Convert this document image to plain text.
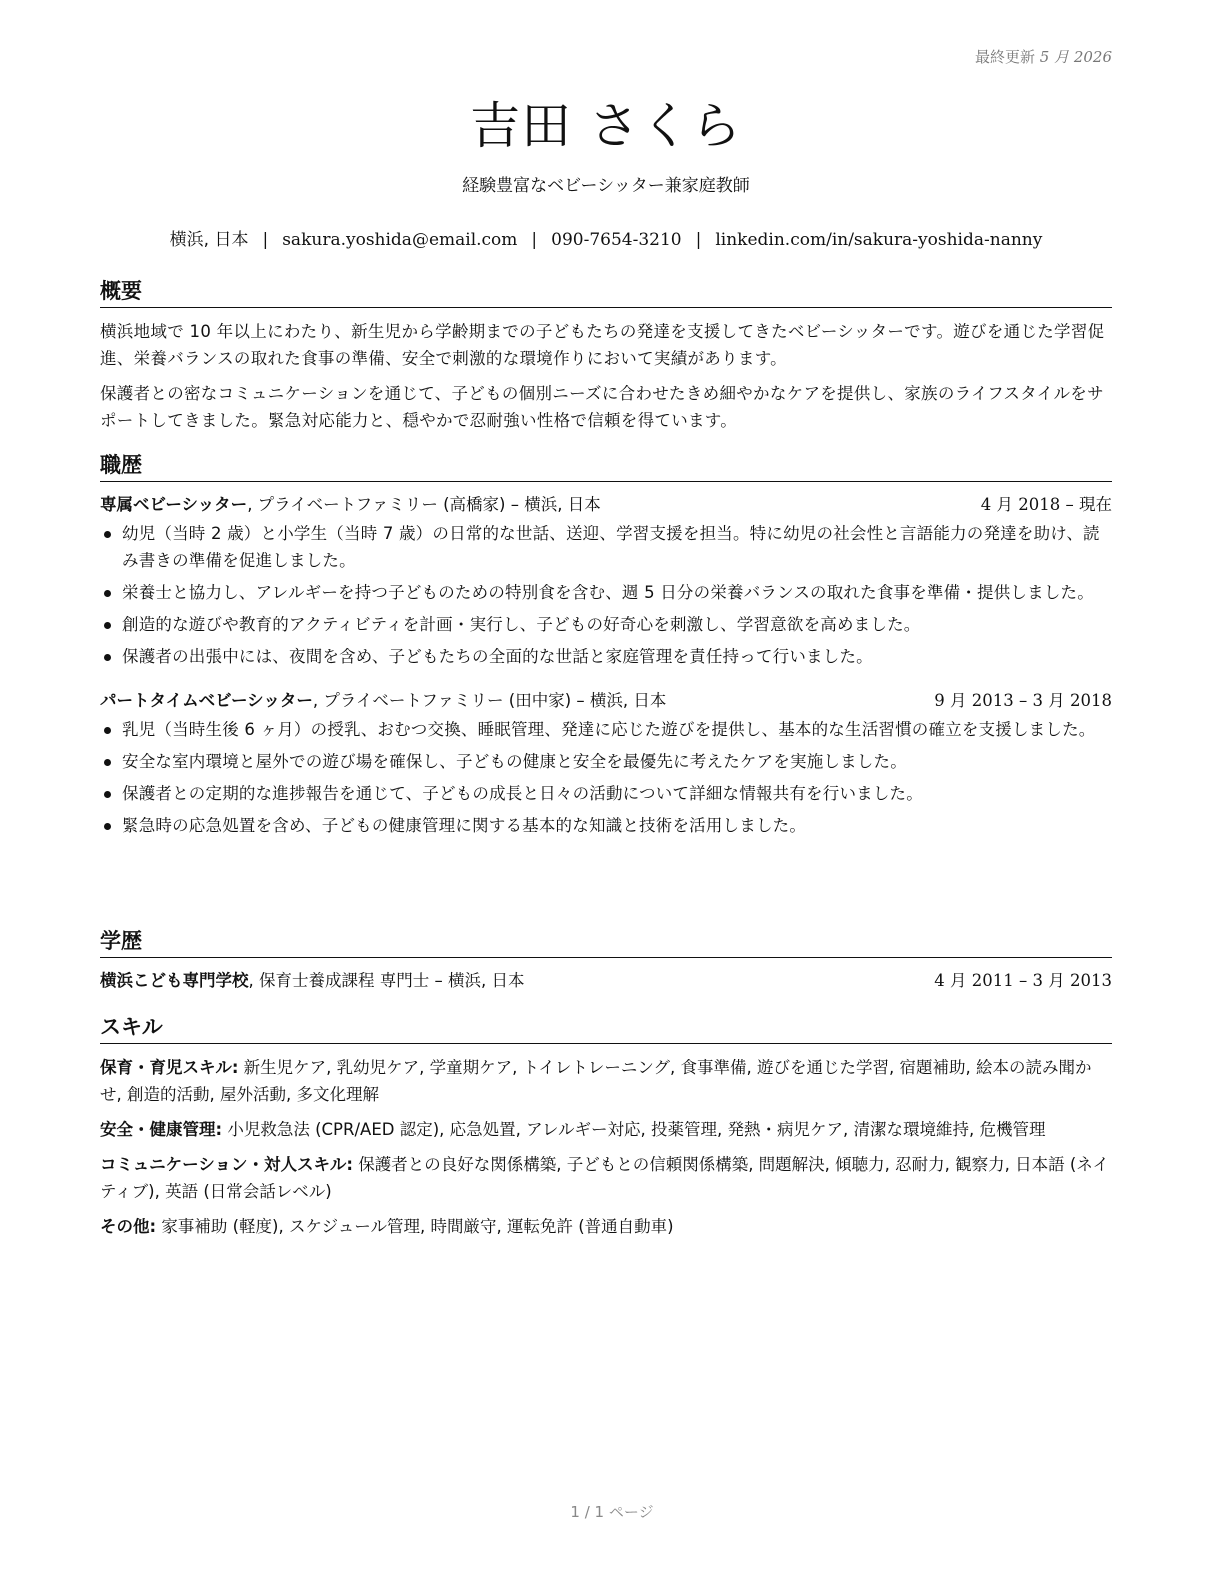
最終更新 5 月 2026
吉田 さくら
経験豊富なベビーシッター兼家庭教師
横浜, 日本 | sakura.yoshida@email.com | 090-7654-3210 | linkedin.com/in/sakura-yoshida-nanny
概要

横浜地域で 10 年以上にわたり、新生児から学齢期までの子どもたちの発達を支援してきたベビーシッターです。遊びを通じた学習促進、栄養バランスの取れた食事の準備、安全で刺激的な環境作りにおいて実績があります。

保護者との密なコミュニケーションを通じて、子どもの個別ニーズに合わせたきめ細やかなケアを提供し、家族のライフスタイルをサポートしてきました。緊急対応能力と、穏やかで忍耐強い性格で信頼を得ています。

職歴
専属ベビーシッター, プライベートファミリー (高橋家) – 横浜, 日本	4 月 2018 – 現在
幼児（当時 2 歳）と小学生（当時 7 歳）の日常的な世話、送迎、学習支援を担当。特に幼児の社会性と言語能力の発達を助け、読み書きの準備を促進しました。
栄養士と協力し、アレルギーを持つ子どものための特別食を含む、週 5 日分の栄養バランスの取れた食事を準備・提供しました。
創造的な遊びや教育的アクティビティを計画・実行し、子どもの好奇心を刺激し、学習意欲を高めました。
保護者の出張中には、夜間を含め、子どもたちの全面的な世話と家庭管理を責任持って行いました。
パートタイムベビーシッター, プライベートファミリー (田中家) – 横浜, 日本	9 月 2013 – 3 月 2018
乳児（当時生後 6 ヶ月）の授乳、おむつ交換、睡眠管理、発達に応じた遊びを提供し、基本的な生活習慣の確立を支援しました。
安全な室内環境と屋外での遊び場を確保し、子どもの健康と安全を最優先に考えたケアを実施しました。
保護者との定期的な進捗報告を通じて、子どもの成長と日々の活動について詳細な情報共有を行いました。
緊急時の応急処置を含め、子どもの健康管理に関する基本的な知識と技術を活用しました。
学歴
横浜こども専門学校, 保育士養成課程 専門士 – 横浜, 日本	4 月 2011 – 3 月 2013
スキル

保育・育児スキル: 新生児ケア, 乳幼児ケア, 学童期ケア, トイレトレーニング, 食事準備, 遊びを通じた学習, 宿題補助, 絵本の読み聞かせ, 創造的活動, 屋外活動, 多文化理解

安全・健康管理: 小児救急法 (CPR/AED 認定), 応急処置, アレルギー対応, 投薬管理, 発熱・病児ケア, 清潔な環境維持, 危機管理

コミュニケーション・対人スキル: 保護者との良好な関係構築, 子どもとの信頼関係構築, 問題解決, 傾聴力, 忍耐力, 観察力, 日本語 (ネイティブ), 英語 (日常会話レベル)

その他: 家事補助 (軽度), スケジュール管理, 時間厳守, 運転免許 (普通自動車)

1 / 1 ページ
